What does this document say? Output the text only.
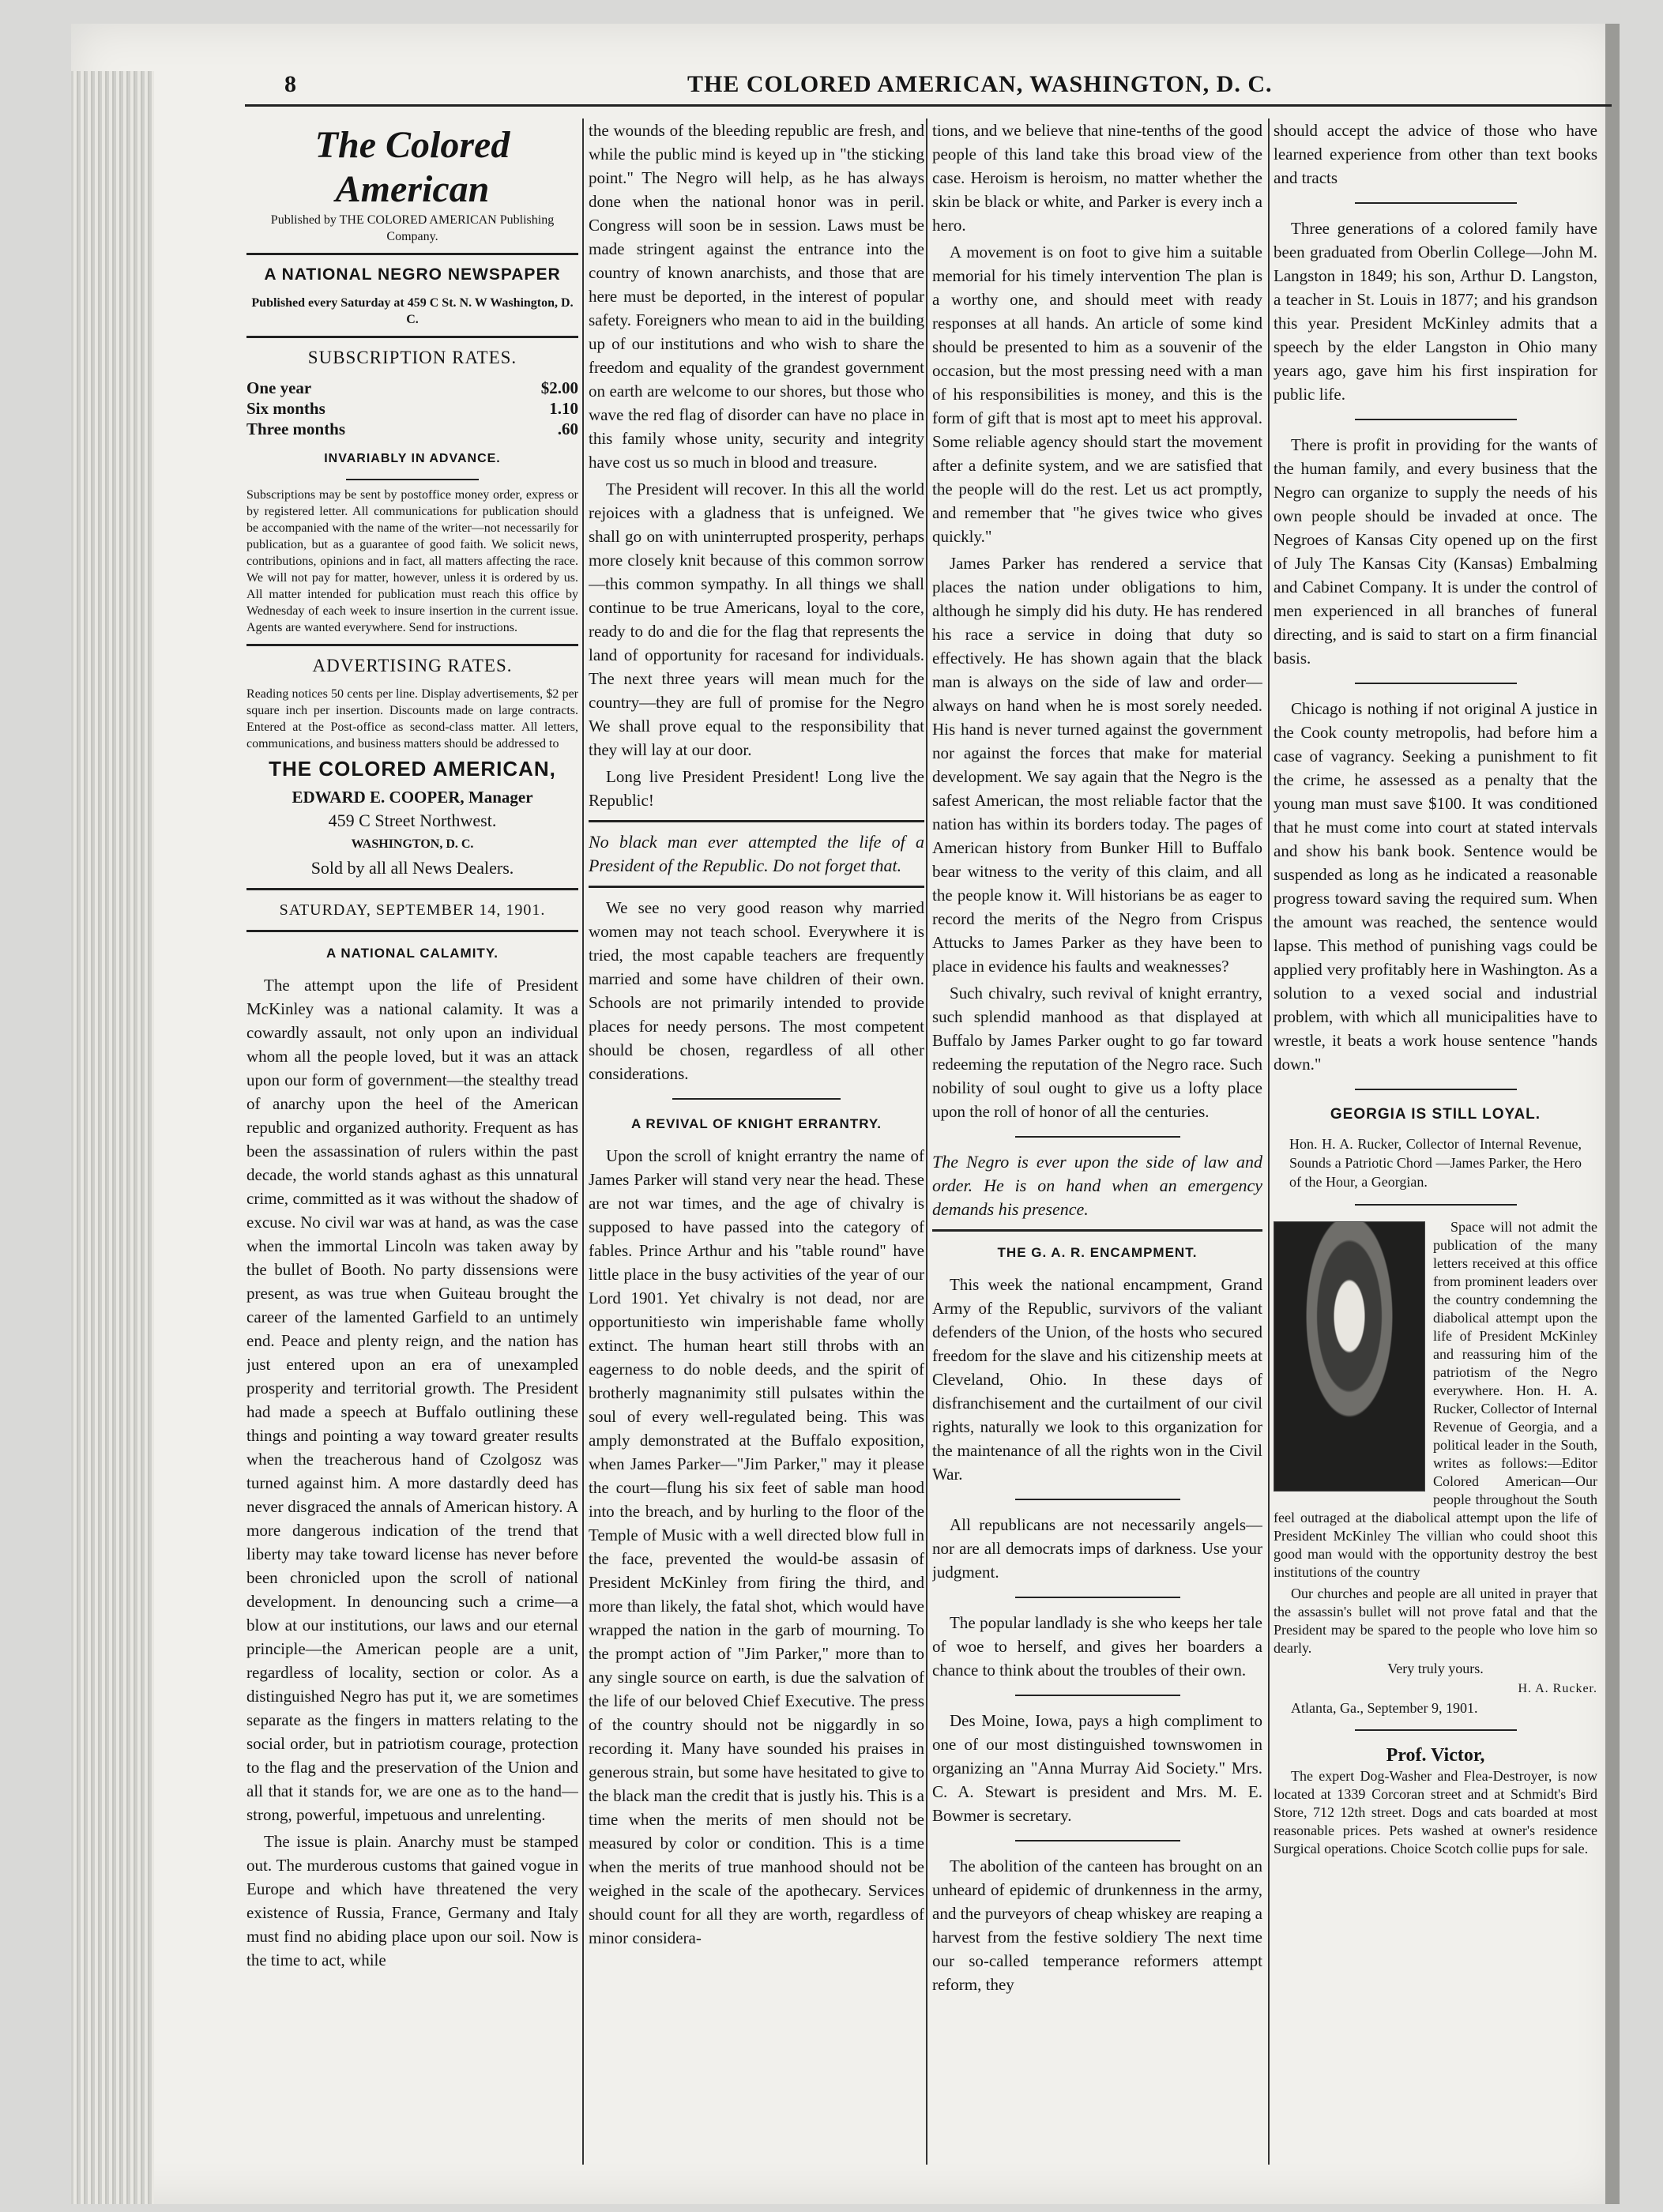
8	THE COLORED AMERICAN, WASHINGTON, D. C.
The Colored American

Published by THE COLORED AMERICAN Publishing Company.

A NATIONAL NEGRO NEWSPAPER

Published every Saturday at 459 C St. N. W Washington, D. C.

SUBSCRIPTION RATES.
One year	$2.00
Six months	1.10
Three months	.60
INVARIABLY IN ADVANCE.

Subscriptions may be sent by postoffice money order, express or by registered letter. All communications for publication should be accompanied with the name of the writer—not necessarily for publication, but as a guarantee of good faith. We solicit news, contributions, opinions and in fact, all matters affecting the race. We will not pay for matter, however, unless it is ordered by us. All matter intended for publication must reach this office by Wednesday of each week to insure insertion in the current issue. Agents are wanted everywhere. Send for instructions.

ADVERTISING RATES.

Reading notices 50 cents per line. Display advertisements, $2 per square inch per insertion. Discounts made on large contracts. Entered at the Post-office as second-class matter. All letters, communications, and business matters should be addressed to

THE COLORED AMERICAN,
EDWARD E. COOPER, Manager
459 C Street Northwest.
WASHINGTON, D. C.
Sold by all all News Dealers.
SATURDAY, SEPTEMBER 14, 1901.
A NATIONAL CALAMITY.

The attempt upon the life of President McKinley was a national calamity. It was a cowardly assault, not only upon an individual whom all the people loved, but it was an attack upon our form of government—the stealthy tread of anarchy upon the heel of the American republic and organized authority. Frequent as has been the assassination of rulers within the past decade, the world stands aghast as this unnatural crime, committed as it was without the shadow of excuse. No civil war was at hand, as was the case when the immortal Lincoln was taken away by the bullet of Booth. No party dissensions were present, as was true when Guiteau brought the career of the lamented Garfield to an untimely end. Peace and plenty reign, and the nation has just entered upon an era of unexampled prosperity and territorial growth. The President had made a speech at Buffalo outlining these things and pointing a way toward greater results when the treacherous hand of Czolgosz was turned against him. A more dastardly deed has never disgraced the annals of American history. A more dangerous indication of the trend that liberty may take toward license has never before been chronicled upon the scroll of national development. In denouncing such a crime—a blow at our institutions, our laws and our eternal principle—the American people are a unit, regardless of locality, section or color. As a distinguished Negro has put it, we are sometimes separate as the fingers in matters relating to the social order, but in patriotism courage, protection to the flag and the preservation of the Union and all that it stands for, we are one as to the hand—strong, powerful, impetuous and unrelenting.

The issue is plain. Anarchy must be stamped out. The murderous customs that gained vogue in Europe and which have threatened the very existence of Russia, France, Germany and Italy must find no abiding place upon our soil. Now is the time to act, while

the wounds of the bleeding republic are fresh, and while the public mind is keyed up in "the sticking point." The Negro will help, as he has always done when the national honor was in peril. Congress will soon be in session. Laws must be made stringent against the entrance into the country of known anarchists, and those that are here must be deported, in the interest of popular safety. Foreigners who mean to aid in the building up of our institutions and who wish to share the freedom and equality of the grandest government on earth are welcome to our shores, but those who wave the red flag of disorder can have no place in this family whose unity, security and integrity have cost us so much in blood and treasure.

The President will recover. In this all the world rejoices with a gladness that is unfeigned. We shall go on with uninterrupted prosperity, perhaps more closely knit because of this common sorrow—this common sympathy. In all things we shall continue to be true Americans, loyal to the core, ready to do and die for the flag that represents the land of opportunity for racesand for individuals. The next three years will mean much for the country—they are full of promise for the Negro We shall prove equal to the responsibility that they will lay at our door.

Long live President President! Long live the Republic!

No black man ever attempted the life of a President of the Republic. Do not forget that.

We see no very good reason why married women may not teach school. Everywhere it is tried, the most capable teachers are frequently married and some have children of their own. Schools are not primarily intended to provide places for needy persons. The most competent should be chosen, regardless of all other considerations.

A REVIVAL OF KNIGHT ERRANTRY.

Upon the scroll of knight errantry the name of James Parker will stand very near the head. These are not war times, and the age of chivalry is supposed to have passed into the category of fables. Prince Arthur and his "table round" have little place in the busy activities of the year of our Lord 1901. Yet chivalry is not dead, nor are opportunitiesto win imperishable fame wholly extinct. The human heart still throbs with an eagerness to do noble deeds, and the spirit of brotherly magnanimity still pulsates within the soul of every well-regulated being. This was amply demonstrated at the Buffalo exposition, when James Parker—"Jim Parker," may it please the court—flung his six feet of sable man hood into the breach, and by hurling to the floor of the Temple of Music with a well directed blow full in the face, prevented the would-be assasin of President McKinley from firing the third, and more than likely, the fatal shot, which would have wrapped the nation in the garb of mourning. To the prompt action of "Jim Parker," more than to any single source on earth, is due the salvation of the life of our beloved Chief Executive. The press of the country should not be niggardly in so recording it. Many have sounded his praises in generous strain, but some have hesitated to give to the black man the credit that is justly his. This is a time when the merits of men should not be measured by color or condition. This is a time when the merits of true manhood should not be weighed in the scale of the apothecary. Services should count for all they are worth, regardless of minor considera-

tions, and we believe that nine-tenths of the good people of this land take this broad view of the case. Heroism is heroism, no matter whether the skin be black or white, and Parker is every inch a hero.

A movement is on foot to give him a suitable memorial for his timely intervention The plan is a worthy one, and should meet with ready responses at all hands. An article of some kind should be presented to him as a souvenir of the occasion, but the most pressing need with a man of his responsibilities is money, and this is the form of gift that is most apt to meet his approval. Some reliable agency should start the movement after a definite system, and we are satisfied that the people will do the rest. Let us act promptly, and remember that "he gives twice who gives quickly."

James Parker has rendered a service that places the nation under obligations to him, although he simply did his duty. He has rendered his race a service in doing that duty so effectively. He has shown again that the black man is always on the side of law and order—always on hand when he is most sorely needed. His hand is never turned against the government nor against the forces that make for material development. We say again that the Negro is the safest American, the most reliable factor that the nation has within its borders today. The pages of American history from Bunker Hill to Buffalo bear witness to the verity of this claim, and all the people know it. Will historians be as eager to record the merits of the Negro from Crispus Attucks to James Parker as they have been to place in evidence his faults and weaknesses?

Such chivalry, such revival of knight errantry, such splendid manhood as that displayed at Buffalo by James Parker ought to go far toward redeeming the reputation of the Negro race. Such nobility of soul ought to give us a lofty place upon the roll of honor of all the centuries.

The Negro is ever upon the side of law and order. He is on hand when an emergency demands his presence.

THE G. A. R. ENCAMPMENT.

This week the national encampment, Grand Army of the Republic, survivors of the valiant defenders of the Union, of the hosts who secured freedom for the slave and his citizenship meets at Cleveland, Ohio. In these days of disfranchisement and the curtailment of our civil rights, naturally we look to this organization for the maintenance of all the rights won in the Civil War.

All republicans are not necessarily angels—nor are all democrats imps of darkness. Use your judgment.

The popular landlady is she who keeps her tale of woe to herself, and gives her boarders a chance to think about the troubles of their own.

Des Moine, Iowa, pays a high compliment to one of our most distinguished townswomen in organizing an "Anna Murray Aid Society." Mrs. C. A. Stewart is president and Mrs. M. E. Bowmer is secretary.

The abolition of the canteen has brought on an unheard of epidemic of drunkenness in the army, and the purveyors of cheap whiskey are reaping a harvest from the festive soldiery The next time our so-called temperance reformers attempt reform, they

should accept the advice of those who have learned experience from other than text books and tracts

Three generations of a colored family have been graduated from Oberlin College—John M. Langston in 1849; his son, Arthur D. Langston, a teacher in St. Louis in 1877; and his grandson this year. President McKinley admits that a speech by the elder Langston in Ohio many years ago, gave him his first inspiration for public life.

There is profit in providing for the wants of the human family, and every business that the Negro can organize to supply the needs of his own people should be invaded at once. The Negroes of Kansas City opened up on the first of July The Kansas City (Kansas) Embalming and Cabinet Company. It is under the control of men experienced in all branches of funeral directing, and is said to start on a firm financial basis.

Chicago is nothing if not original A justice in the Cook county metropolis, had before him a case of vagrancy. Seeking a punishment to fit the crime, he assessed as a penalty that the young man must save $100. It was conditioned that he must come into court at stated intervals and show his bank book. Sentence would be suspended as long as he indicated a reasonable progress toward saving the required sum. When the amount was reached, the sentence would lapse. This method of punishing vags could be applied very profitably here in Washington. As a solution to a vexed social and industrial problem, with which all municipalities have to wrestle, it beats a work house sentence "hands down."

GEORGIA IS STILL LOYAL.

Hon. H. A. Rucker, Collector of Internal Revenue, Sounds a Patriotic Chord —James Parker, the Hero of the Hour, a Georgian.

Space will not admit the publication of the many letters received at this office from prominent leaders over the country condemning the diabolical attempt upon the life of President McKinley and reassuring him of the patriotism of the Negro everywhere. Hon. H. A. Rucker, Collector of Internal Revenue of Georgia, and a political leader in the South, writes as follows:—Editor Colored American—Our people throughout the South feel outraged at the diabolical attempt upon the life of President McKinley The villian who could shoot this good man would with the opportunity destroy the best institutions of the country

Our churches and people are all united in prayer that the assassin's bullet will not prove fatal and that the President may be spared to the people who love him so dearly.

Very truly yours.

H. A. Rucker.

Atlanta, Ga., September 9, 1901.

Prof. Victor,

The expert Dog-Washer and Flea-Destroyer, is now located at 1339 Corcoran street and at Schmidt's Bird Store, 712 12th street. Dogs and cats boarded at most reasonable prices. Pets washed at owner's residence Surgical operations. Choice Scotch collie pups for sale.
